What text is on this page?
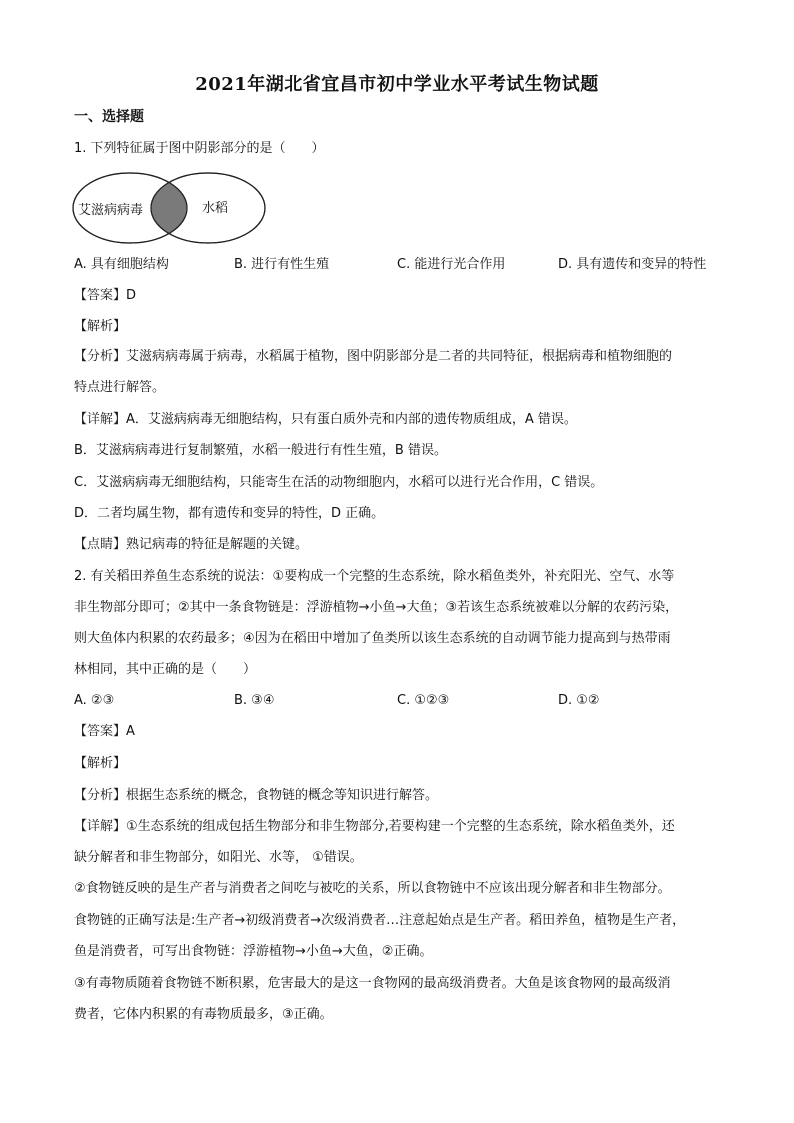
2021年湖北省宜昌市初中学业水平考试生物试题
一、选择题
1. 下列特征属于图中阴影部分的是（　　）
艾滋病病毒	水稻
A. 具有细胞结构	B. 进行有性生殖	C. 能进行光合作用	D. 具有遗传和变异的特性
【答案】D
【解析】
【分析】艾滋病病毒属于病毒，水稻属于植物，图中阴影部分是二者的共同特征，根据病毒和植物细胞的
特点进行解答。
【详解】A．艾滋病病毒无细胞结构，只有蛋白质外壳和内部的遗传物质组成，A 错误。
B．艾滋病病毒进行复制繁殖，水稻一般进行有性生殖，B 错误。
C．艾滋病病毒无细胞结构，只能寄生在活的动物细胞内，水稻可以进行光合作用，C 错误。
D．二者均属生物，都有遗传和变异的特性，D 正确。
【点睛】熟记病毒的特征是解题的关键。
2. 有关稻田养鱼生态系统的说法：①要构成一个完整的生态系统，除水稻鱼类外，补充阳光、空气、水等
非生物部分即可；②其中一条食物链是：浮游植物→小鱼→大鱼；③若该生态系统被难以分解的农药污染，
则大鱼体内积累的农药最多；④因为在稻田中增加了鱼类所以该生态系统的自动调节能力提高到与热带雨
林相同，其中正确的是（　　）
A. ②③	B. ③④	C. ①②③	D. ①②
【答案】A
【解析】
【分析】根据生态系统的概念，食物链的概念等知识进行解答。
【详解】①生态系统的组成包括生物部分和非生物部分,若要构建一个完整的生态系统，除水稻鱼类外，还
缺分解者和非生物部分，如阳光、水等， ①错误。
②食物链反映的是生产者与消费者之间吃与被吃的关系，所以食物链中不应该出现分解者和非生物部分。
食物链的正确写法是:生产者→初级消费者→次级消费者…注意起始点是生产者。稻田养鱼，植物是生产者，
鱼是消费者，可写出食物链：浮游植物→小鱼→大鱼，②正确。
③有毒物质随着食物链不断积累，危害最大的是这一食物网的最高级消费者。大鱼是该食物网的最高级消
费者，它体内积累的有毒物质最多，③正确。
